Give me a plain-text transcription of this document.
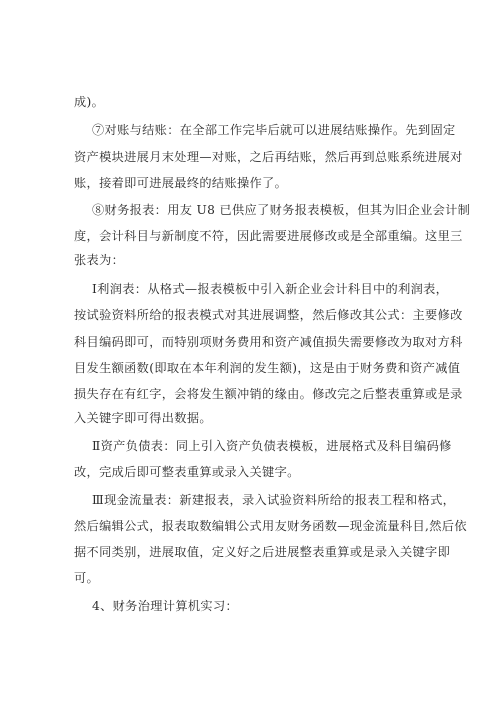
成)。
⑦对账与结账：在全部工作完毕后就可以进展结账操作。先到固定
资产模块进展月末处理—对账，之后再结账，然后再到总账系统进展对
账，接着即可进展最终的结账操作了。
⑧财务报表：用友 U8 已供应了财务报表模板，但其为旧企业会计制
度，会计科目与新制度不符，因此需要进展修改或是全部重编。这里三
张表为：
Ⅰ利润表：从格式—报表模板中引入新企业会计科目中的利润表，
按试验资料所给的报表模式对其进展调整，然后修改其公式：主要修改
科目编码即可，而特别项财务费用和资产减值损失需要修改为取对方科
目发生额函数(即取在本年利润的发生额)，这是由于财务费和资产减值
损失存在有红字，会将发生额冲销的缘由。修改完之后整表重算或是录
入关键字即可得出数据。
Ⅱ资产负债表：同上引入资产负债表模板，进展格式及科目编码修
改，完成后即可整表重算或录入关键字。
Ⅲ现金流量表：新建报表，录入试验资料所给的报表工程和格式，
然后编辑公式，报表取数编辑公式用友财务函数—现金流量科目,然后依
据不同类别，进展取值，定义好之后进展整表重算或是录入关键字即
可。
4、财务治理计算机实习：
